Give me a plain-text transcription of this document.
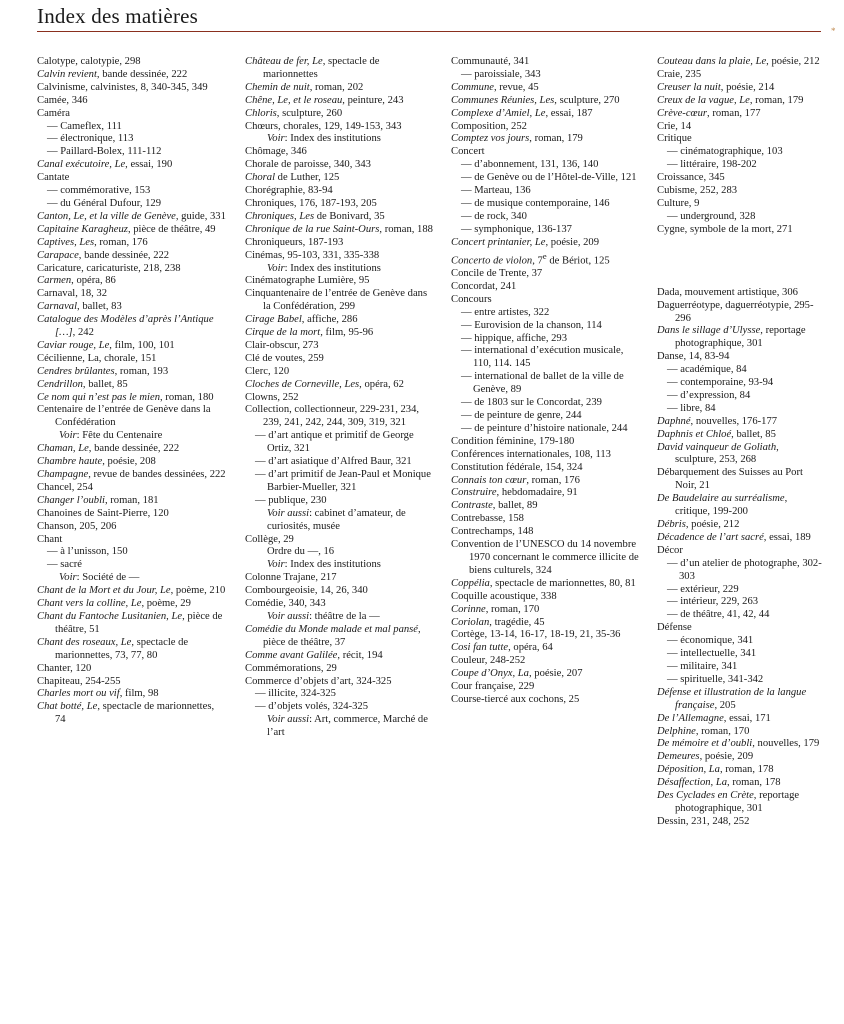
Index des matières
*

Calotype, calotypie, 298

Calvin revient, bande dessinée, 222

Calvinisme, calvinistes, 8, 340-345, 349

Camée, 346

Caméra

— Cameflex, 111

— électronique, 113

— Paillard-Bolex, 111-112

Canal exécutoire, Le, essai, 190

Cantate

— commémorative, 153

— du Général Dufour, 129

Canton, Le, et la ville de Genève, guide, 331

Capitaine Karagheuz, pièce de théâtre, 49

Captives, Les, roman, 176

Carapace, bande dessinée, 222

Caricature, caricaturiste, 218, 238

Carmen, opéra, 86

Carnaval, 18, 32

Carnaval, ballet, 83

Catalogue des Modèles d’après l’Antique […], 242

Caviar rouge, Le, film, 100, 101

Cécilienne, La, chorale, 151

Cendres brûlantes, roman, 193

Cendrillon, ballet, 85

Ce nom qui n’est pas le mien, roman, 180

Centenaire de l’entrée de Genève dans la Confédération

Voir: Fête du Centenaire

Chaman, Le, bande dessinée, 222

Chambre haute, poésie, 208

Champagne, revue de bandes dessinées, 222

Chancel, 254

Changer l’oubli, roman, 181

Chanoines de Saint-Pierre, 120

Chanson, 205, 206

Chant

— à l’unisson, 150

— sacré

Voir: Société de —

Chant de la Mort et du Jour, Le, poème, 210

Chant vers la colline, Le, poème, 29

Chant du Fantoche Lusitanien, Le, pièce de théâtre, 51

Chant des roseaux, Le, spectacle de marionnettes, 73, 77, 80

Chanter, 120

Chapiteau, 254-255

Charles mort ou vif, film, 98

Chat botté, Le, spectacle de marionnettes, 74

Château de fer, Le, spectacle de marionnettes

Chemin de nuit, roman, 202

Chêne, Le, et le roseau, peinture, 243

Chloris, sculpture, 260

Chœurs, chorales, 129, 149-153, 343

Voir: Index des institutions

Chômage, 346

Chorale de paroisse, 340, 343

Choral de Luther, 125

Chorégraphie, 83-94

Chroniques, 176, 187-193, 205

Chroniques, Les de Bonivard, 35

Chronique de la rue Saint-Ours, roman, 188

Chroniqueurs, 187-193

Cinémas, 95-103, 331, 335-338

Voir: Index des institutions

Cinématographe Lumière, 95

Cinquantenaire de l’entrée de Genève dans la Confédération, 299

Cirage Babel, affiche, 286

Cirque de la mort, film, 95-96

Clair-obscur, 273

Clé de voutes, 259

Clerc, 120

Cloches de Corneville, Les, opéra, 62

Clowns, 252

Collection, collectionneur, 229-231, 234, 239, 241, 242, 244, 309, 319, 321

— d’art antique et primitif de George Ortiz, 321

— d’art asiatique d’Alfred Baur, 321

— d’art primitif de Jean-Paul et Monique Barbier-Mueller, 321

— publique, 230

Voir aussi: cabinet d’amateur, de curiosités, musée

Collège, 29

Ordre du —, 16

Voir: Index des institutions

Colonne Trajane, 217

Combourgeoisie, 14, 26, 340

Comédie, 340, 343

Voir aussi: théâtre de la —

Comédie du Monde malade et mal pansé, pièce de théâtre, 37

Comme avant Galilée, récit, 194

Commémorations, 29

Commerce d’objets d’art, 324-325

— illicite, 324-325

— d’objets volés, 324-325

Voir aussi: Art, commerce, Marché de l’art

Communauté, 341

— paroissiale, 343

Commune, revue, 45

Communes Réunies, Les, sculpture, 270

Complexe d’Amiel, Le, essai, 187

Composition, 252

Comptez vos jours, roman, 179

Concert

— d’abonnement, 131, 136, 140

— de Genève ou de l’Hôtel-de-Ville, 121

— Marteau, 136

— de musique contemporaine, 146

— de rock, 340

— symphonique, 136-137

Concert printanier, Le, poésie, 209

Concerto de violon, 7e de Bériot, 125

Concile de Trente, 37

Concordat, 241

Concours

— entre artistes, 322

— Eurovision de la chanson, 114

— hippique, affiche, 293

— international d’exécution musicale, 110, 114. 145

— international de ballet de la ville de Genève, 89

— de 1803 sur le Concordat, 239

— de peinture de genre, 244

— de peinture d’histoire nationale, 244

Condition féminine, 179-180

Conférences internationales, 108, 113

Constitution fédérale, 154, 324

Connais ton cœur, roman, 176

Construire, hebdomadaire, 91

Contraste, ballet, 89

Contrebasse, 158

Contrechamps, 148

Convention de l’UNESCO du 14 novembre 1970 concernant le commerce illicite de biens culturels, 324

Coppélia, spectacle de marionnettes, 80, 81

Coquille acoustique, 338

Corinne, roman, 170

Coriolan, tragédie, 45

Cortège, 13-14, 16-17, 18-19, 21, 35-36

Cosi fan tutte, opéra, 64

Couleur, 248-252

Coupe d’Onyx, La, poésie, 207

Cour française, 229

Course-tiercé aux cochons, 25

Couteau dans la plaie, Le, poésie, 212

Craie, 235

Creuser la nuit, poésie, 214

Creux de la vague, Le, roman, 179

Crève-cœur, roman, 177

Crie, 14

Critique

— cinématographique, 103

— littéraire, 198-202

Croissance, 345

Cubisme, 252, 283

Culture, 9

— underground, 328

Cygne, symbole de la mort, 271

Dada, mouvement artistique, 306

Daguerréotype, daguerréotypie, 295-296

Dans le sillage d’Ulysse, reportage photographique, 301

Danse, 14, 83-94

— académique, 84

— contemporaine, 93-94

— d’expression, 84

— libre, 84

Daphné, nouvelles, 176-177

Daphnis et Chloé, ballet, 85

David vainqueur de Goliath, sculpture, 253, 268

Débarquement des Suisses au Port Noir, 21

De Baudelaire au surréalisme, critique, 199-200

Débris, poésie, 212

Décadence de l’art sacré, essai, 189

Décor

— d’un atelier de photographe, 302-303

— extérieur, 229

— intérieur, 229, 263

— de théâtre, 41, 42, 44

Défense

— économique, 341

— intellectuelle, 341

— militaire, 341

— spirituelle, 341-342

Défense et illustration de la langue française, 205

De l’Allemagne, essai, 171

Delphine, roman, 170

De mémoire et d’oubli, nouvelles, 179

Demeures, poésie, 209

Déposition, La, roman, 178

Désaffection, La, roman, 178

Des Cyclades en Crète, reportage photographique, 301

Dessin, 231, 248, 252
